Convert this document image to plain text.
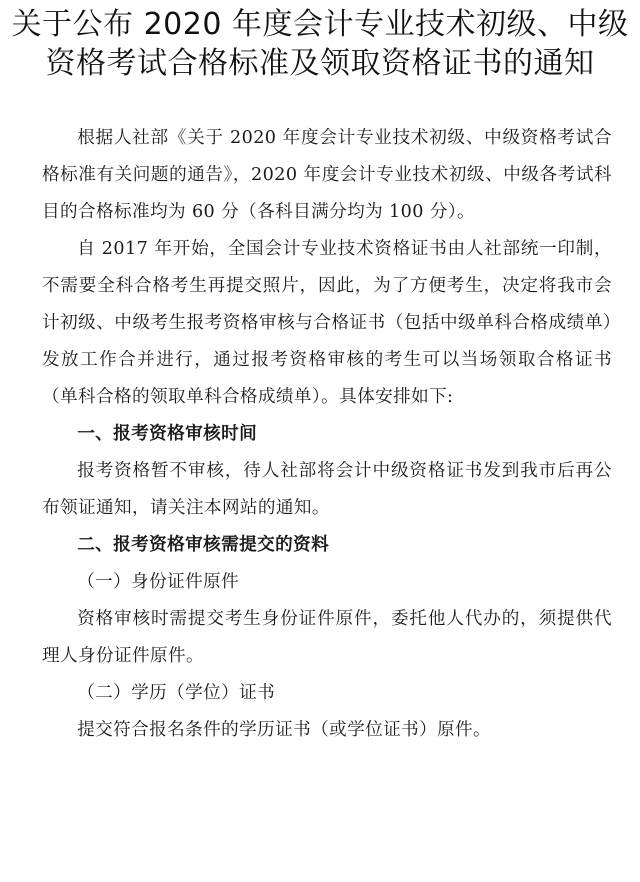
关于公布 2020 年度会计专业技术初级、中级
资格考试合格标准及领取资格证书的通知

根据人社部《关于 2020 年度会计专业技术初级、中级资格考试合格标准有关问题的通告》，2020 年度会计专业技术初级、中级各考试科目的合格标准均为 60 分（各科目满分均为 100 分）。

自 2017 年开始，全国会计专业技术资格证书由人社部统一印制，不需要全科合格考生再提交照片，因此，为了方便考生，决定将我市会计初级、中级考生报考资格审核与合格证书（包括中级单科合格成绩单）发放工作合并进行，通过报考资格审核的考生可以当场领取合格证书（单科合格的领取单科合格成绩单）。具体安排如下:

一、报考资格审核时间

报考资格暂不审核，待人社部将会计中级资格证书发到我市后再公布领证通知，请关注本网站的通知。

二、报考资格审核需提交的资料

（一）身份证件原件

资格审核时需提交考生身份证件原件，委托他人代办的，须提供代理人身份证件原件。

（二）学历（学位）证书

提交符合报名条件的学历证书（或学位证书）原件。
